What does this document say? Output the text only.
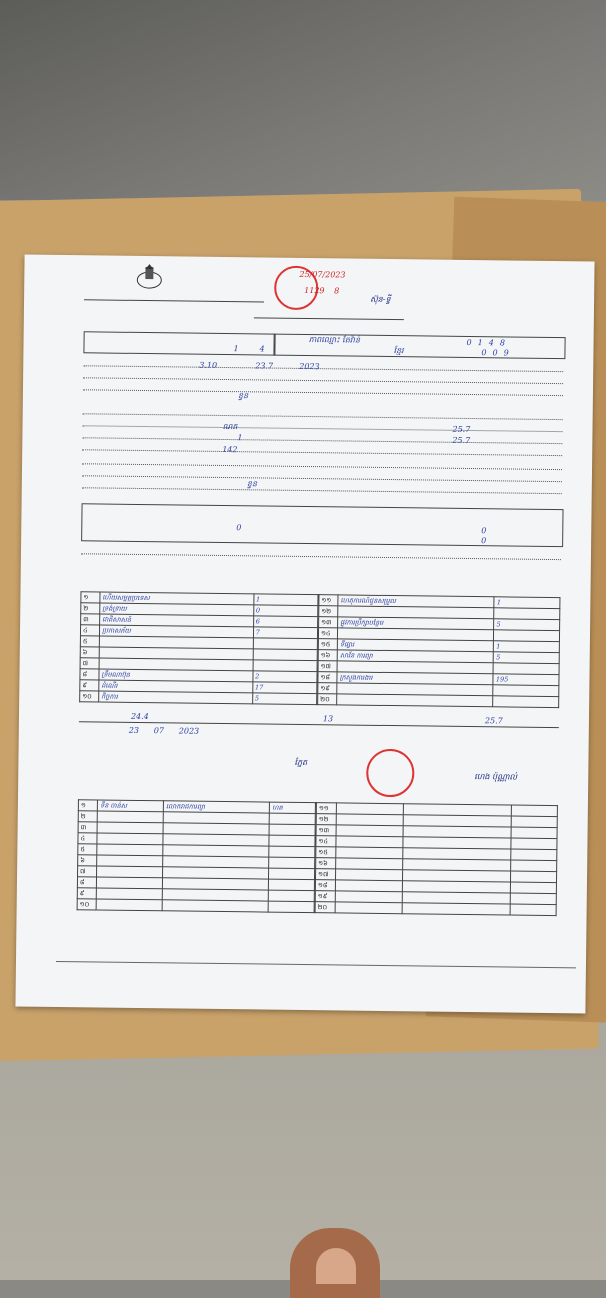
25/07/2023
1129 8
ស៊ុន-ទ្វី
ភាពឈ្មោះ តែវ៉ាន់	0148
1	4	ខ្មែរ	009
3.10	23.7	2023
ខ្វន
ណត	25.7
1	25.7
142
ខ្វន
0	0
0
១	ហើយសម្ពត្តប្រទេស	1
២	ទ្រង់ទ្រាយ	0
៣	ជាតិសាសន៍	6
៤	ប្រកាសភ័យ	7
៥		
៦		
៧		
៨	ទ្រឹមណាប៊ុន	2
៩	ដំណើរ	17
១០	កិច្ចការ	5
១១	ហេតុការណ៍ជួនសម្រួល	1
១២		
១៣	ផ្លូវការប្រឹក្សាបន្ថែម	5
១៤		
១៥	ទីផ្សារ	1
១៦	សាវ័ន ការព្យា	5
១៧		
១៨	ក្រសួងការងារ	195
១៩		
២០		
24.4	13	25.7
23 07 2023
ភ្នែត
ហេង ប៉ុណ្ណាល់
១	ទីន ចាន់ស	លោករាជការព្យា	ហត
២			
៣			
៤			
៥			
៦			
៧			
៨			
៩			
១០			
១១			
១២			
១៣			
១៤			
១៥			
១៦			
១៧			
១៨			
១៩			
២០			
